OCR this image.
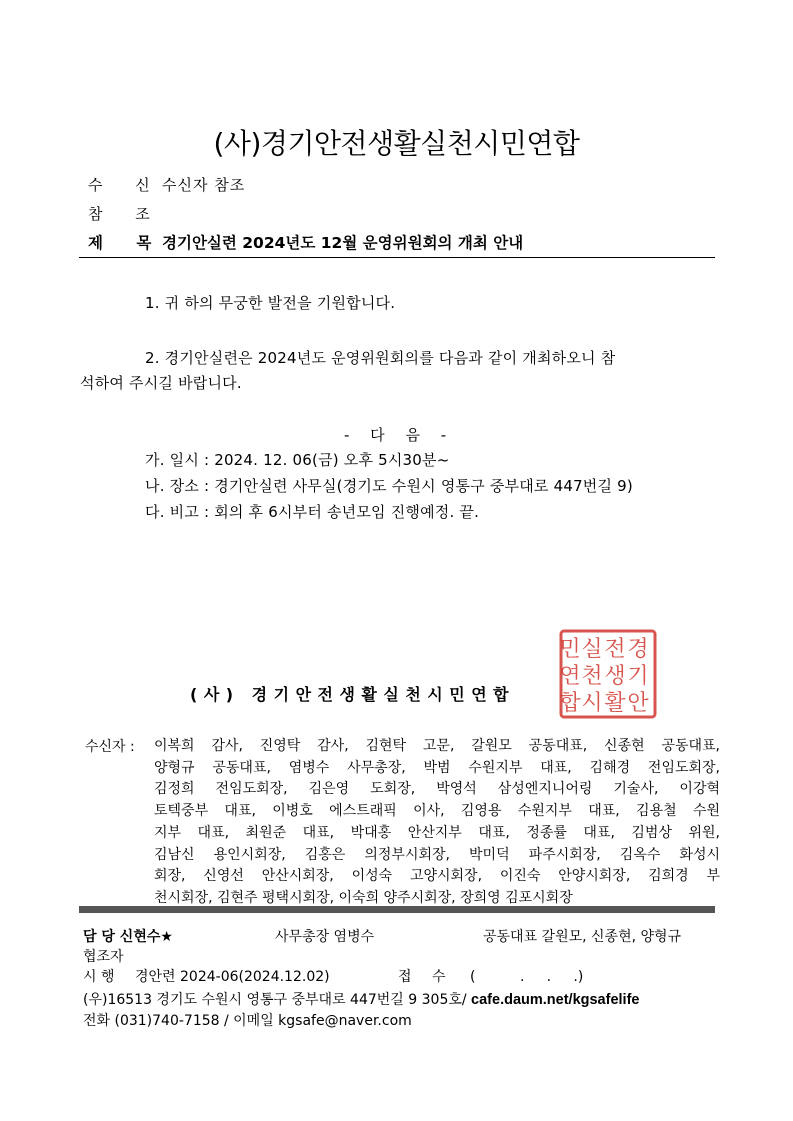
(사)경기안전생활실천시민연합
수 신수신자 참조
참 조
제 목경기안실련 2024년도 12월 운영위원회의 개최 안내
1. 귀 하의 무궁한 발전을 기원합니다.
2. 경기안실련은 2024년도 운영위원회의를 다음과 같이 개최하오니 참
석하여 주시길 바랍니다.
- 다 음 -
가. 일시 : 2024. 12. 06(금) 오후 5시30분~
나. 장소 : 경기안실련 사무실(경기도 수원시 영통구 중부대로 447번길 9)
다. 비고 : 회의 후 6시부터 송년모임 진행예정. 끝.
경
기
안
전
생
활
실
천
시
민
연
합
(사) 경기안전생활실천시민연합
수신자 : 이복희 감사, 진영탁 감사, 김현탁 고문, 갈원모 공동대표, 신종현 공동대표,
양형규 공동대표, 염병수 사무총장, 박범 수원지부 대표, 김해경 전임도회장,
김정희 전임도회장, 김은영 도회장, 박영석 삼성엔지니어링 기술사, 이강혁
토텍중부 대표, 이병호 에스트래픽 이사, 김영용 수원지부 대표, 김용철 수원
지부 대표, 최원준 대표, 박대홍 안산지부 대표, 정종률 대표, 김범상 위원,
김남신 용인시회장, 김홍은 의정부시회장, 박미덕 파주시회장, 김옥수 화성시
회장, 신영선 안산시회장, 이성숙 고양시회장, 이진숙 안양시회장, 김희경 부
천시회장, 김현주 평택시회장, 이숙희 양주시회장, 장희영 김포시회장
담 당 신현수★	사무총장 염병수	공동대표 갈원모, 신종현, 양형규
협조자
시 행 경안련 2024-06(2024.12.02)	접 수 (          .     .     .)
(우)16513 경기도 수원시 영통구 중부대로 447번길 9 305호/ cafe.daum.net/kgsafelife
전화 (031)740-7158 / 이메일 kgsafe@naver.com
